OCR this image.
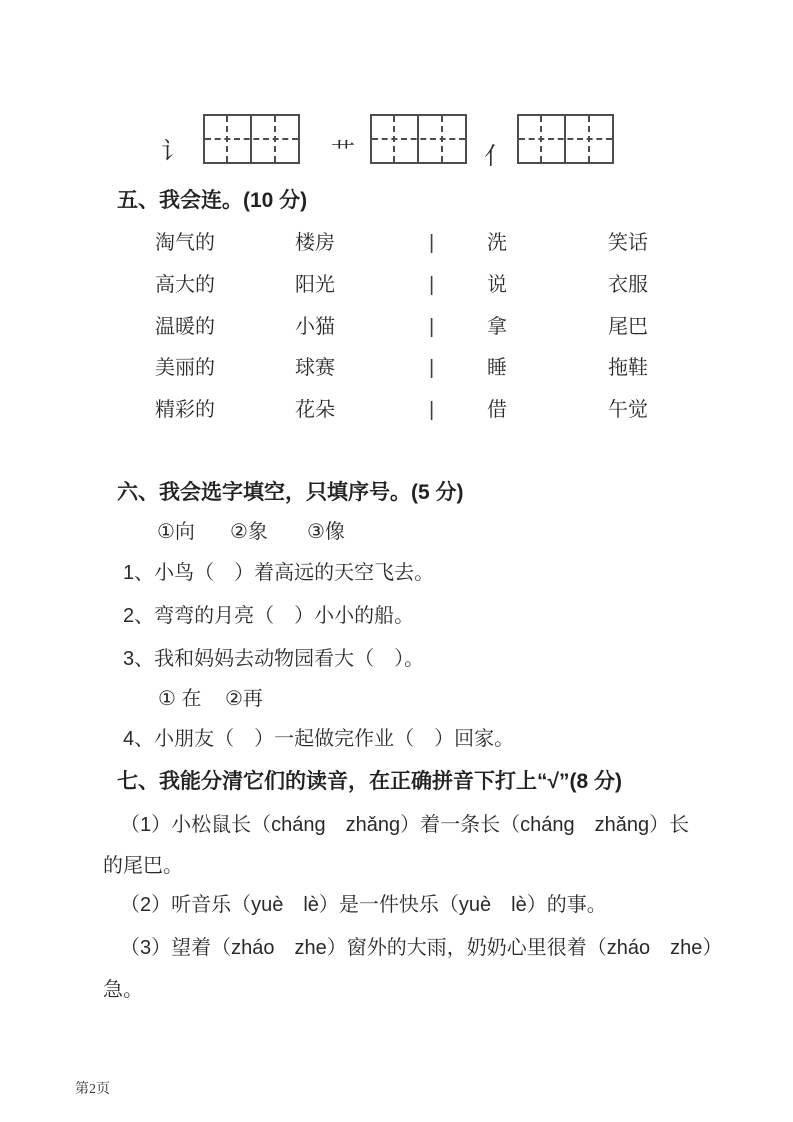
讠	艹	亻
五、我会连。(10 分)
淘气的	楼房	|	洗	笑话
高大的	阳光	|	说	衣服
温暖的	小猫	|	拿	尾巴
美丽的	球赛	|	睡	拖鞋
精彩的	花朵	|	借	午觉
六、我会选字填空，只填序号。(5 分)
①向 ②象 ③像
1、小鸟（　）着高远的天空飞去。
2、弯弯的月亮（　）小小的船。
3、我和妈妈去动物园看大（　）。
① 在 ②再
4、小朋友（　）一起做完作业（　）回家。
七、我能分清它们的读音，在正确拼音下打上“√”(8 分)
（1）小松鼠长（cháng　zhǎng）着一条长（cháng　zhǎng）长
的尾巴。
（2）听音乐（yuè　lè）是一件快乐（yuè　lè）的事。
（3）望着（zháo　zhe）窗外的大雨，奶奶心里很着（zháo　zhe）
急。
第2页
